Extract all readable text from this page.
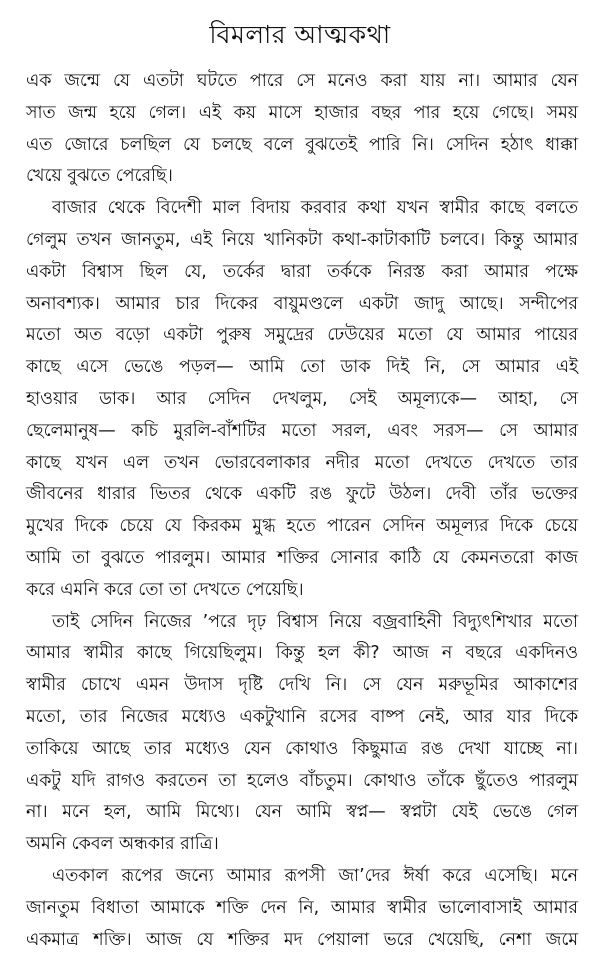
বিমলার আত্মকথা

এক জন্মে যে এতটা ঘটতে পারে সে মনেও করা যায় না। আমার যেন
সাত জন্ম হয়ে গেল। এই কয় মাসে হাজার বছর পার হয়ে গেছে। সময়
এত জোরে চলছিল যে চলছে বলে বুঝতেই পারি নি। সেদিন হঠাৎ ধাক্কা
খেয়ে বুঝতে পেরেছি।

বাজার থেকে বিদেশী মাল বিদায় করবার কথা যখন স্বামীর কাছে বলতে
গেলুম তখন জানতুম, এই নিয়ে খানিকটা কথা-কাটাকাটি চলবে। কিন্তু আমার
একটা বিশ্বাস ছিল যে, তর্কের দ্বারা তর্ককে নিরস্ত করা আমার পক্ষে
অনাবশ্যক। আমার চার দিকের বায়ুমণ্ডলে একটা জাদু আছে। সন্দীপের
মতো অত বড়ো একটা পুরুষ সমুদ্রের ঢেউয়ের মতো যে আমার পায়ের
কাছে এসে ভেঙে পড়ল— আমি তো ডাক দিই নি, সে আমার এই
হাওয়ার ডাক। আর সেদিন দেখলুম, সেই অমূল্যকে— আহা, সে
ছেলেমানুষ— কচি মুরলি-বাঁশটির মতো সরল, এবং সরস— সে আমার
কাছে যখন এল তখন ভোরবেলাকার নদীর মতো দেখতে দেখতে তার
জীবনের ধারার ভিতর থেকে একটি রঙ ফুটে উঠল। দেবী তাঁর ভক্তের
মুখের দিকে চেয়ে যে কিরকম মুগ্ধ হতে পারেন সেদিন অমূল্যর দিকে চেয়ে
আমি তা বুঝতে পারলুম। আমার শক্তির সোনার কাঠি যে কেমনতরো কাজ
করে এমনি করে তো তা দেখতে পেয়েছি।

তাই সেদিন নিজের ’পরে দৃঢ় বিশ্বাস নিয়ে বজ্রবাহিনী বিদ্যুৎশিখার মতো
আমার স্বামীর কাছে গিয়েছিলুম। কিন্তু হল কী? আজ ন বছরে একদিনও
স্বামীর চোখে এমন উদাস দৃষ্টি দেখি নি। সে যেন মরুভূমির আকাশের
মতো, তার নিজের মধ্যেও একটুখানি রসের বাষ্প নেই, আর যার দিকে
তাকিয়ে আছে তার মধ্যেও যেন কোথাও কিছুমাত্র রঙ দেখা যাচ্ছে না।
একটু যদি রাগও করতেন তা হলেও বাঁচতুম। কোথাও তাঁকে ছুঁতেও পারলুম
না। মনে হল, আমি মিথ্যে। যেন আমি স্বপ্ন— স্বপ্নটা যেই ভেঙে গেল
অমনি কেবল অন্ধকার রাত্রি।

এতকাল রূপের জন্যে আমার রূপসী জা’দের ঈর্ষা করে এসেছি। মনে
জানতুম বিধাতা আমাকে শক্তি দেন নি, আমার স্বামীর ভালোবাসাই আমার
একমাত্র শক্তি। আজ যে শক্তির মদ পেয়ালা ভরে খেয়েছি, নেশা জমে
